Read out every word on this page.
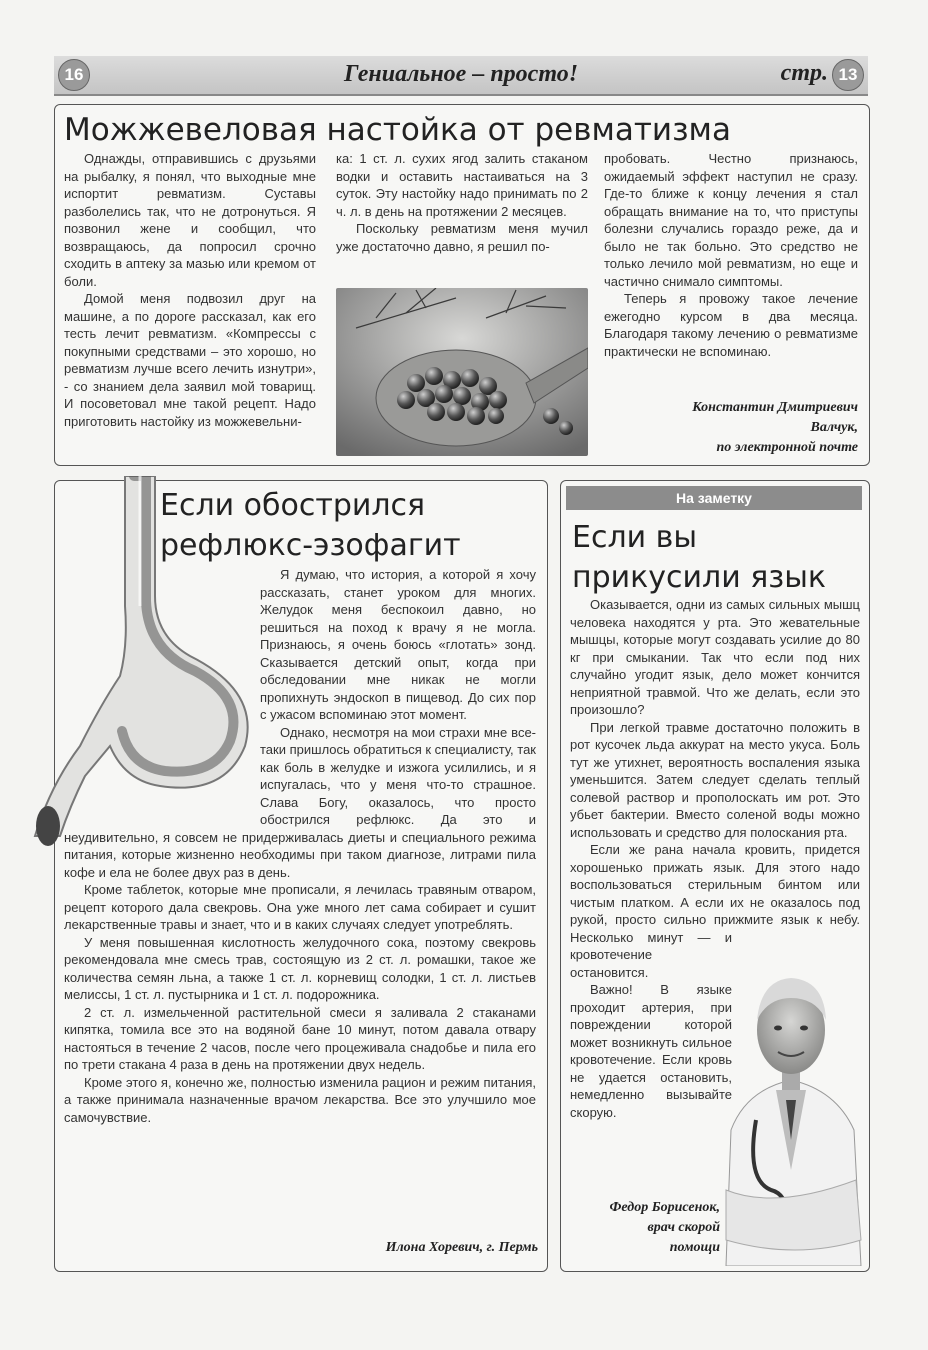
16	Гениальное – просто!	стр. 13
Можжевеловая настойка от ревматизма

Однажды, отправившись с друзьями на рыбалку, я понял, что выходные мне испортит ревматизм. Суставы разболелись так, что не дотронуться. Я позвонил жене и сообщил, что возвращаюсь, да попросил срочно сходить в аптеку за мазью или кремом от боли.

Домой меня подвозил друг на машине, а по дороге рассказал, как его тесть лечит ревматизм. «Компрессы с покупными средствами – это хорошо, но ревматизм лучше всего лечить изнутри», - со знанием дела заявил мой товарищ. И посоветовал мне такой рецепт. Надо приготовить настойку из можжевельни-

ка: 1 ст. л. сухих ягод залить стаканом водки и оставить настаиваться на 3 суток. Эту настойку надо принимать по 2 ч. л. в день на протяжении 2 месяцев.

Поскольку ревматизм меня мучил уже достаточно давно, я решил по-

пробовать. Честно признаюсь, ожидаемый эффект наступил не сразу. Где-то ближе к концу лечения я стал обращать внимание на то, что приступы болезни случались гораздо реже, да и было не так больно. Это средство не только лечило мой ревматизм, но еще и частично снимало симптомы.

Теперь я провожу такое лечение ежегодно курсом в два месяца. Благодаря такому лечению о ревматизме практически не вспоминаю.

Константин Дмитриевич
Валчук,
по электронной почте
Если обострился
рефлюкс-эзофагит

Я думаю, что история, а которой я хочу рассказать, станет уроком для многих. Желудок меня беспокоил давно, но решиться на поход к врачу я не могла. Признаюсь, я очень боюсь «глотать» зонд. Сказывается детский опыт, когда при обследовании мне никак не могли пропихнуть эндоскоп в пищевод. До сих пор с ужасом вспоминаю этот момент.

Однако, несмотря на мои страхи мне все-таки пришлось обратиться к специалисту, так как боль в желудке и изжога усилились, и я испугалась, что у меня что-то страшное. Слава Богу, оказалось, что просто обострился рефлюкс. Да это и неудивительно, я совсем не придерживалась диеты и специального режима питания, которые жизненно необходимы при таком диагнозе, литрами пила кофе и ела не более двух раз в день.

Кроме таблеток, которые мне прописали, я лечилась травяным отваром, рецепт которого дала свекровь. Она уже много лет сама собирает и сушит лекарственные травы и знает, что и в каких случаях следует употреблять.

У меня повышенная кислотность желудочного сока, поэтому свекровь рекомендовала мне смесь трав, состоящую из 2 ст. л. ромашки, такое же количества семян льна, а также 1 ст. л. корневищ солодки, 1 ст. л. листьев мелиссы, 1 ст. л. пустырника и 1 ст. л. подорожника.

2 ст. л. измельченной растительной смеси я заливала 2 стаканами кипятка, томила все это на водяной бане 10 минут, потом давала отвару настояться в течение 2 часов, после чего процеживала снадобье и пила его по трети стакана 4 раза в день на протяжении двух недель.

Кроме этого я, конечно же, полностью изменила рацион и режим питания, а также принимала назначенные врачом лекарства. Все это улучшило мое самочувствие.

Илона Хоревич, г. Пермь
На заметку
Если вы
прикусили язык

Оказывается, одни из самых сильных мышц человека находятся у рта. Это жевательные мышцы, которые могут создавать усилие до 80 кг при смыкании. Так что если под них случайно угодит язык, дело может кончится неприятной травмой. Что же делать, если это произошло?

При легкой травме достаточно положить в рот кусочек льда аккурат на место укуса. Боль тут же утихнет, вероятность воспаления языка уменьшится. Затем следует сделать теплый солевой раствор и прополоскать им рот. Это убьет бактерии. Вместо соленой воды можно использовать и средство для полоскания рта.

Если же рана начала кровить, придется хорошенько прижать язык. Для этого надо воспользоваться стерильным бинтом или чистым платком. А если их не оказалось под рукой, просто сильно прижмите язык к небу. Несколько минут — и кровотечение остановится.

Важно! В языке проходит артерия, при повреждении которой может возникнуть сильное кровотечение. Если кровь не удается остановить, немедленно вызывайте скорую.

Федор Борисенок,
врач скорой
помощи
